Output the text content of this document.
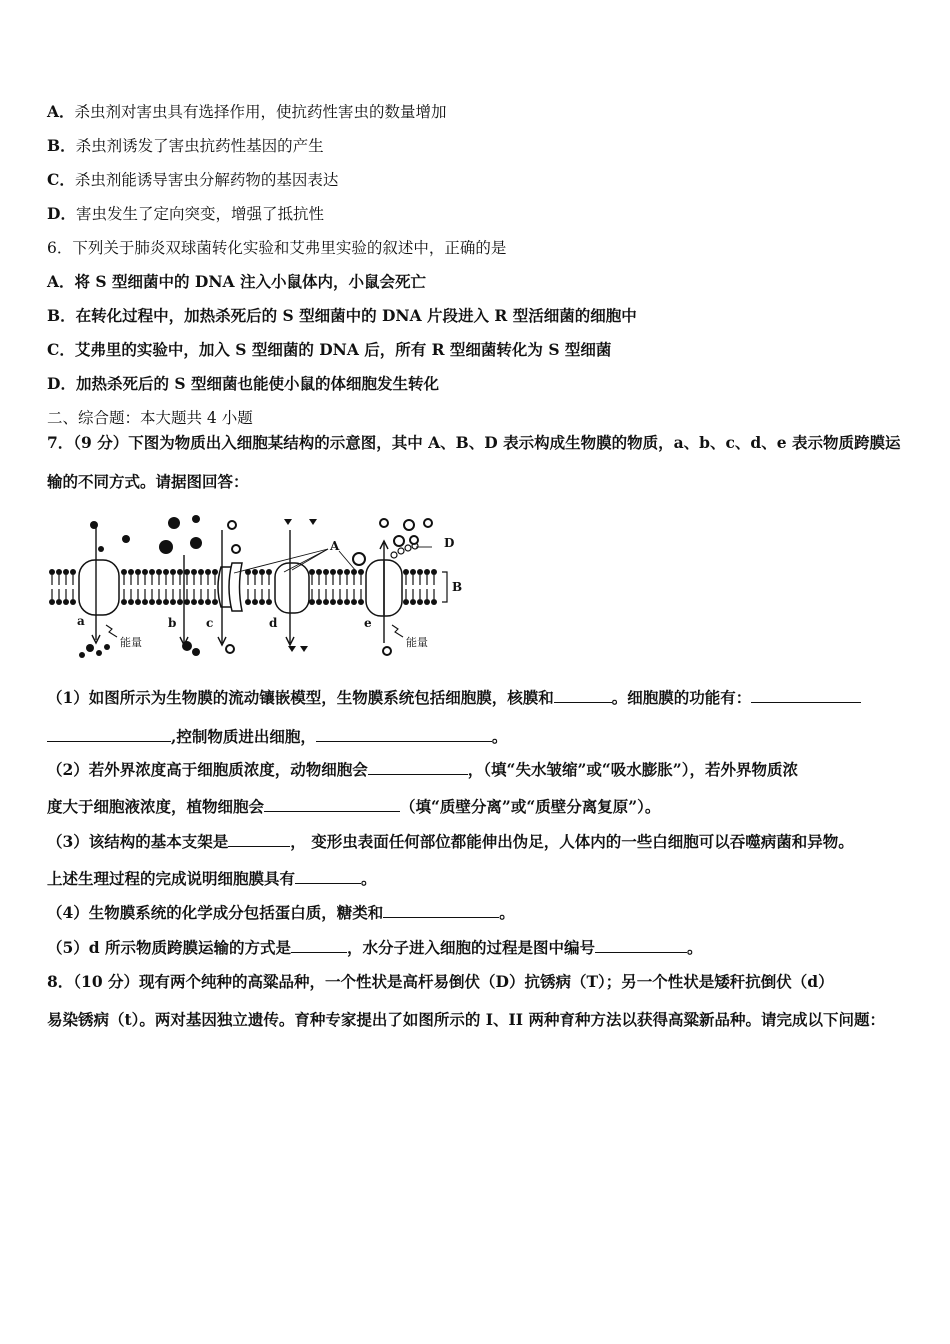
A．杀虫剂对害虫具有选择作用，使抗药性害虫的数量增加
B．杀虫剂诱发了害虫抗药性基因的产生
C．杀虫剂能诱导害虫分解药物的基因表达
D．害虫发生了定向突变，增强了抵抗性
6．下列关于肺炎双球菌转化实验和艾弗里实验的叙述中，正确的是
A．将 S 型细菌中的 DNA 注入小鼠体内，小鼠会死亡
B．在转化过程中，加热杀死后的 S 型细菌中的 DNA 片段进入 R 型活细菌的细胞中
C．艾弗里的实验中，加入 S 型细菌的 DNA 后，所有 R 型细菌转化为 S 型细菌
D．加热杀死后的 S 型细菌也能使小鼠的体细胞发生转化
二、综合题：本大题共 4 小题
7．（9 分）下图为物质出入细胞某结构的示意图，其中 A、B、D 表示构成生物膜的物质，a、b、c、d、e 表示物质跨膜运
输的不同方式。请据图回答：
A	D
B
a	b c	d	e
能量	能量
（1）如图所示为生物膜的流动镶嵌模型，生物膜系统包括细胞膜，核膜和	。细胞膜的功能有：
,控制物质进出细胞，	。
（2）若外界浓度高于细胞质浓度，动物细胞会	，（填“失水皱缩”或“吸水膨胀”），若外界物质浓
度大于细胞液浓度，植物细胞会	（填“质壁分离”或“质壁分离复原”）。
（3）该结构的基本支架是	， 变形虫表面任何部位都能伸出伪足，人体内的一些白细胞可以吞噬病菌和异物。
上述生理过程的完成说明细胞膜具有	。
（4）生物膜系统的化学成分包括蛋白质，糖类和	。
（5）d 所示物质跨膜运输的方式是	，水分子进入细胞的过程是图中编号	。
8．（10 分）现有两个纯种的高粱品种，一个性状是高杆易倒伏（D）抗锈病（T）；另一个性状是矮秆抗倒伏（d）
易染锈病（t）。两对基因独立遗传。育种专家提出了如图所示的 I、II 两种育种方法以获得高粱新品种。请完成以下问题：
